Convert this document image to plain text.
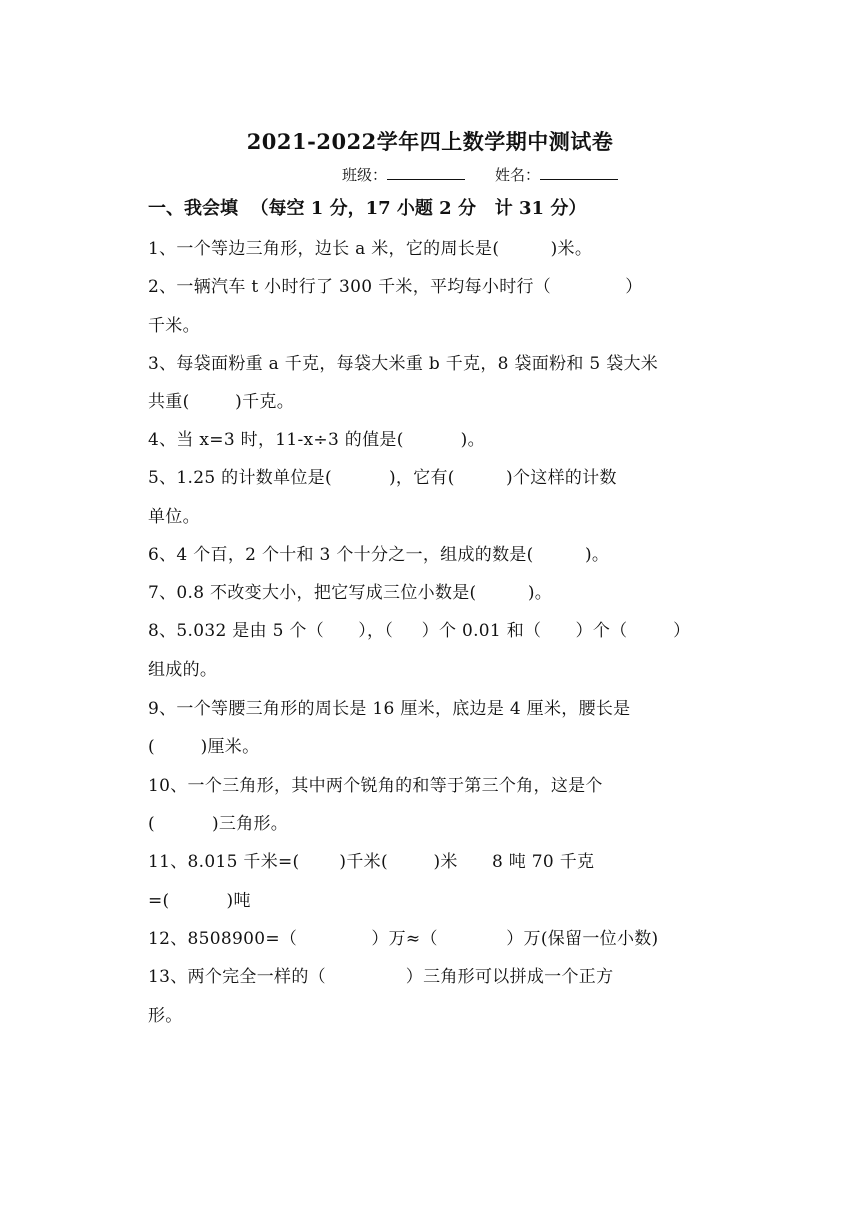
2021-2022学年四上数学期中测试卷
班级：	姓名：
一、我会填  （每空 1 分，17 小题 2 分   计 31 分）
1、一个等边三角形，边长 a 米，它的周长是(         )米。
2、一辆汽车 t 小时行了 300 千米，平均每小时行（             ）
千米。
3、每袋面粉重 a 千克，每袋大米重 b 千克，8 袋面粉和 5 袋大米
共重(        )千克。
4、当 x=3 时，11-x÷3 的值是(          )。
5、1.25 的计数单位是(          )，它有(         )个这样的计数
单位。
6、4 个百，2 个十和 3 个十分之一，组成的数是(         )。
7、0.8 不改变大小，把它写成三位小数是(         )。
8、5.032 是由 5 个（      ），（     ）个 0.01 和（      ）个（        ）
组成的。
9、一个等腰三角形的周长是 16 厘米，底边是 4 厘米，腰长是
(        )厘米。
10、一个三角形，其中两个锐角的和等于第三个角，这是个
(          )三角形。
11、8.015 千米=(       )千米(        )米      8 吨 70 千克
=(          )吨
12、8508900=（             ）万≈（            ）万(保留一位小数)
13、两个完全一样的（              ）三角形可以拼成一个正方
形。
